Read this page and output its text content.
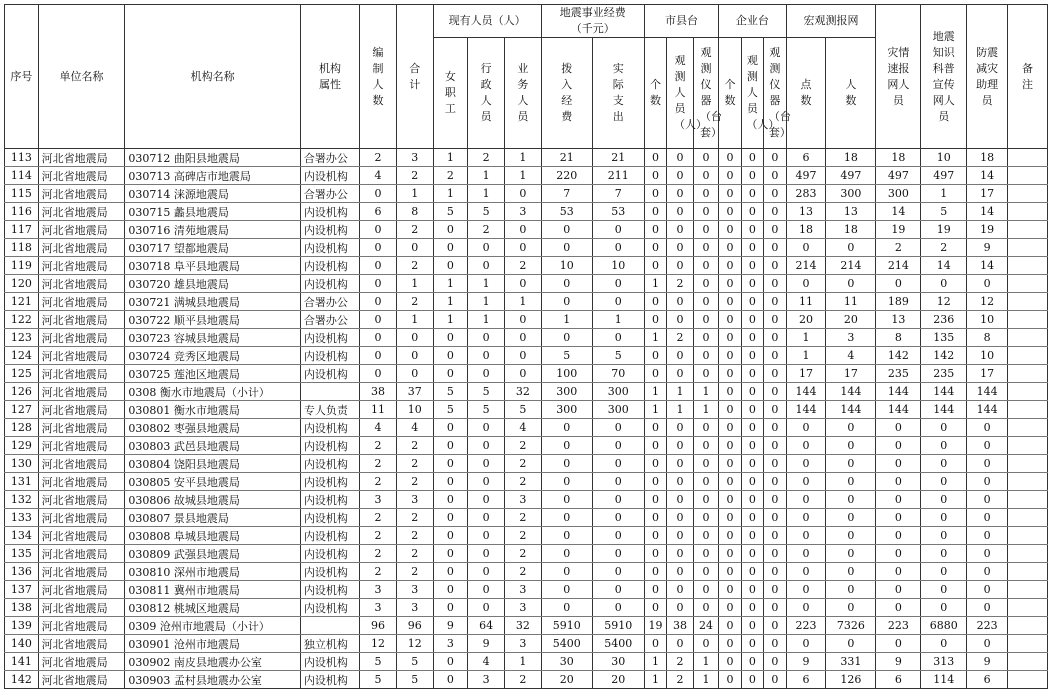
序号	单位名称	机构名称	机构属性	编制人数	合计	现有人员（人）			地震事业经费（千元）		市县台			企业台			宏观测报网		灾情速报网人员	地震知识科普宣传网人员	防震减灾助理员	备注
						女职工	行政人员	业务人员	拨入经费	实际支出	个数	观测人员（人）	观测仪器（台套）	个数	观测人员（人）	观测仪器（台套）	点数	人数				
113	河北省地震局	030712 曲阳县地震局	合署办公	2	3	1	2	1	21	21	0	0	0	0	0	0	6	18	18	10	18	
114	河北省地震局	030713 高碑店市地震局	内设机构	4	2	2	1	1	220	211	0	0	0	0	0	0	497	497	497	497	14	
115	河北省地震局	030714 涞源地震局	合署办公	0	1	1	1	0	7	7	0	0	0	0	0	0	283	300	300	1	17	
116	河北省地震局	030715 蠡县地震局	内设机构	6	8	5	5	3	53	53	0	0	0	0	0	0	13	13	14	5	14	
117	河北省地震局	030716 清苑地震局	内设机构	0	2	0	2	0	0	0	0	0	0	0	0	0	18	18	19	19	19	
118	河北省地震局	030717 望都地震局	内设机构	0	0	0	0	0	0	0	0	0	0	0	0	0	0	0	2	2	9	
119	河北省地震局	030718 阜平县地震局	内设机构	0	2	0	0	2	10	10	0	0	0	0	0	0	214	214	214	14	14	
120	河北省地震局	030720 雄县地震局	内设机构	0	1	1	1	0	0	0	1	2	0	0	0	0	0	0	0	0	0	
121	河北省地震局	030721 满城县地震局	合署办公	0	2	1	1	1	0	0	0	0	0	0	0	0	11	11	189	12	12	
122	河北省地震局	030722 顺平县地震局	合署办公	0	1	1	1	0	1	1	0	0	0	0	0	0	20	20	13	236	10	
123	河北省地震局	030723 容城县地震局	内设机构	0	0	0	0	0	0	0	1	2	0	0	0	0	1	3	8	135	8	
124	河北省地震局	030724 竞秀区地震局	内设机构	0	0	0	0	0	5	5	0	0	0	0	0	0	1	4	142	142	10	
125	河北省地震局	030725 莲池区地震局	内设机构	0	0	0	0	0	100	70	0	0	0	0	0	0	17	17	235	235	17	
126	河北省地震局	0308 衡水市地震局（小计）		38	37	5	5	32	300	300	1	1	1	0	0	0	144	144	144	144	144	
127	河北省地震局	030801 衡水市地震局	专人负责	11	10	5	5	5	300	300	1	1	1	0	0	0	144	144	144	144	144	
128	河北省地震局	030802 枣强县地震局	内设机构	4	4	0	0	4	0	0	0	0	0	0	0	0	0	0	0	0	0	
129	河北省地震局	030803 武邑县地震局	内设机构	2	2	0	0	2	0	0	0	0	0	0	0	0	0	0	0	0	0	
130	河北省地震局	030804 饶阳县地震局	内设机构	2	2	0	0	2	0	0	0	0	0	0	0	0	0	0	0	0	0	
131	河北省地震局	030805 安平县地震局	内设机构	2	2	0	0	2	0	0	0	0	0	0	0	0	0	0	0	0	0	
132	河北省地震局	030806 故城县地震局	内设机构	3	3	0	0	3	0	0	0	0	0	0	0	0	0	0	0	0	0	
133	河北省地震局	030807 景县地震局	内设机构	2	2	0	0	2	0	0	0	0	0	0	0	0	0	0	0	0	0	
134	河北省地震局	030808 阜城县地震局	内设机构	2	2	0	0	2	0	0	0	0	0	0	0	0	0	0	0	0	0	
135	河北省地震局	030809 武强县地震局	内设机构	2	2	0	0	2	0	0	0	0	0	0	0	0	0	0	0	0	0	
136	河北省地震局	030810 深州市地震局	内设机构	2	2	0	0	2	0	0	0	0	0	0	0	0	0	0	0	0	0	
137	河北省地震局	030811 冀州市地震局	内设机构	3	3	0	0	3	0	0	0	0	0	0	0	0	0	0	0	0	0	
138	河北省地震局	030812 桃城区地震局	内设机构	3	3	0	0	3	0	0	0	0	0	0	0	0	0	0	0	0	0	
139	河北省地震局	0309 沧州市地震局（小计）		96	96	9	64	32	5910	5910	19	38	24	0	0	0	223	7326	223	6880	223	
140	河北省地震局	030901 沧州市地震局	独立机构	12	12	3	9	3	5400	5400	0	0	0	0	0	0	0	0	0	0	0	
141	河北省地震局	030902 南皮县地震办公室	内设机构	5	5	0	4	1	30	30	1	2	1	0	0	0	9	331	9	313	9	
142	河北省地震局	030903 孟村县地震办公室	内设机构	5	5	0	3	2	20	20	1	2	1	0	0	0	6	126	6	114	6	
